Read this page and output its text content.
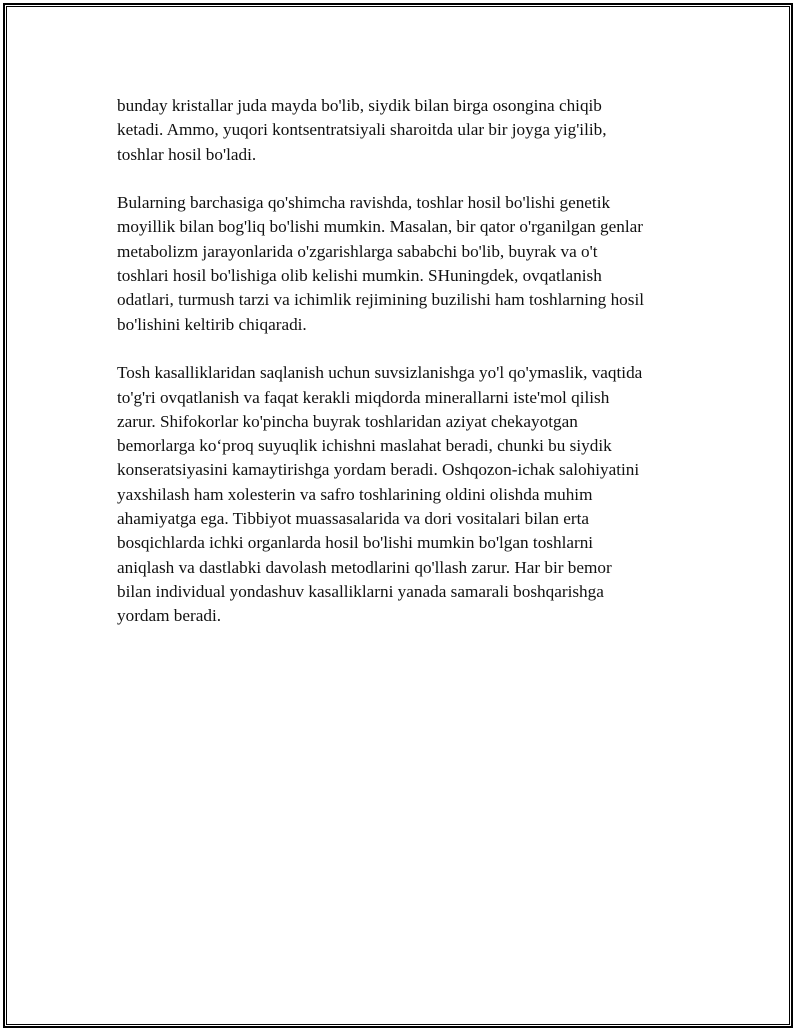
bunday kristallar juda mayda bo'lib, siydik bilan birga osongina chiqib
ketadi. Ammo, yuqori kontsentratsiyali sharoitda ular bir joyga yig'ilib,
toshlar hosil bo'ladi.

Bularning barchasiga qo'shimcha ravishda, toshlar hosil bo'lishi genetik
moyillik bilan bog'liq bo'lishi mumkin. Masalan, bir qator o'rganilgan genlar
metabolizm jarayonlarida o'zgarishlarga sababchi bo'lib, buyrak va o't
toshlari hosil bo'lishiga olib kelishi mumkin. SHuningdek, ovqatlanish
odatlari, turmush tarzi va ichimlik rejimining buzilishi ham toshlarning hosil
bo'lishini keltirib chiqaradi.

Tosh kasalliklaridan saqlanish uchun suvsizlanishga yo'l qo'ymaslik, vaqtida
to'g'ri ovqatlanish va faqat kerakli miqdorda minerallarni iste'mol qilish
zarur. Shifokorlar ko'pincha buyrak toshlaridan aziyat chekayotgan
bemorlarga ko‘proq suyuqlik ichishni maslahat beradi, chunki bu siydik
konseratsiyasini kamaytirishga yordam beradi. Oshqozon-ichak salohiyatini
yaxshilash ham xolesterin va safro toshlarining oldini olishda muhim
ahamiyatga ega. Tibbiyot muassasalarida va dori vositalari bilan erta
bosqichlarda ichki organlarda hosil bo'lishi mumkin bo'lgan toshlarni
aniqlash va dastlabki davolash metodlarini qo'llash zarur. Har bir bemor
bilan individual yondashuv kasalliklarni yanada samarali boshqarishga
yordam beradi.
